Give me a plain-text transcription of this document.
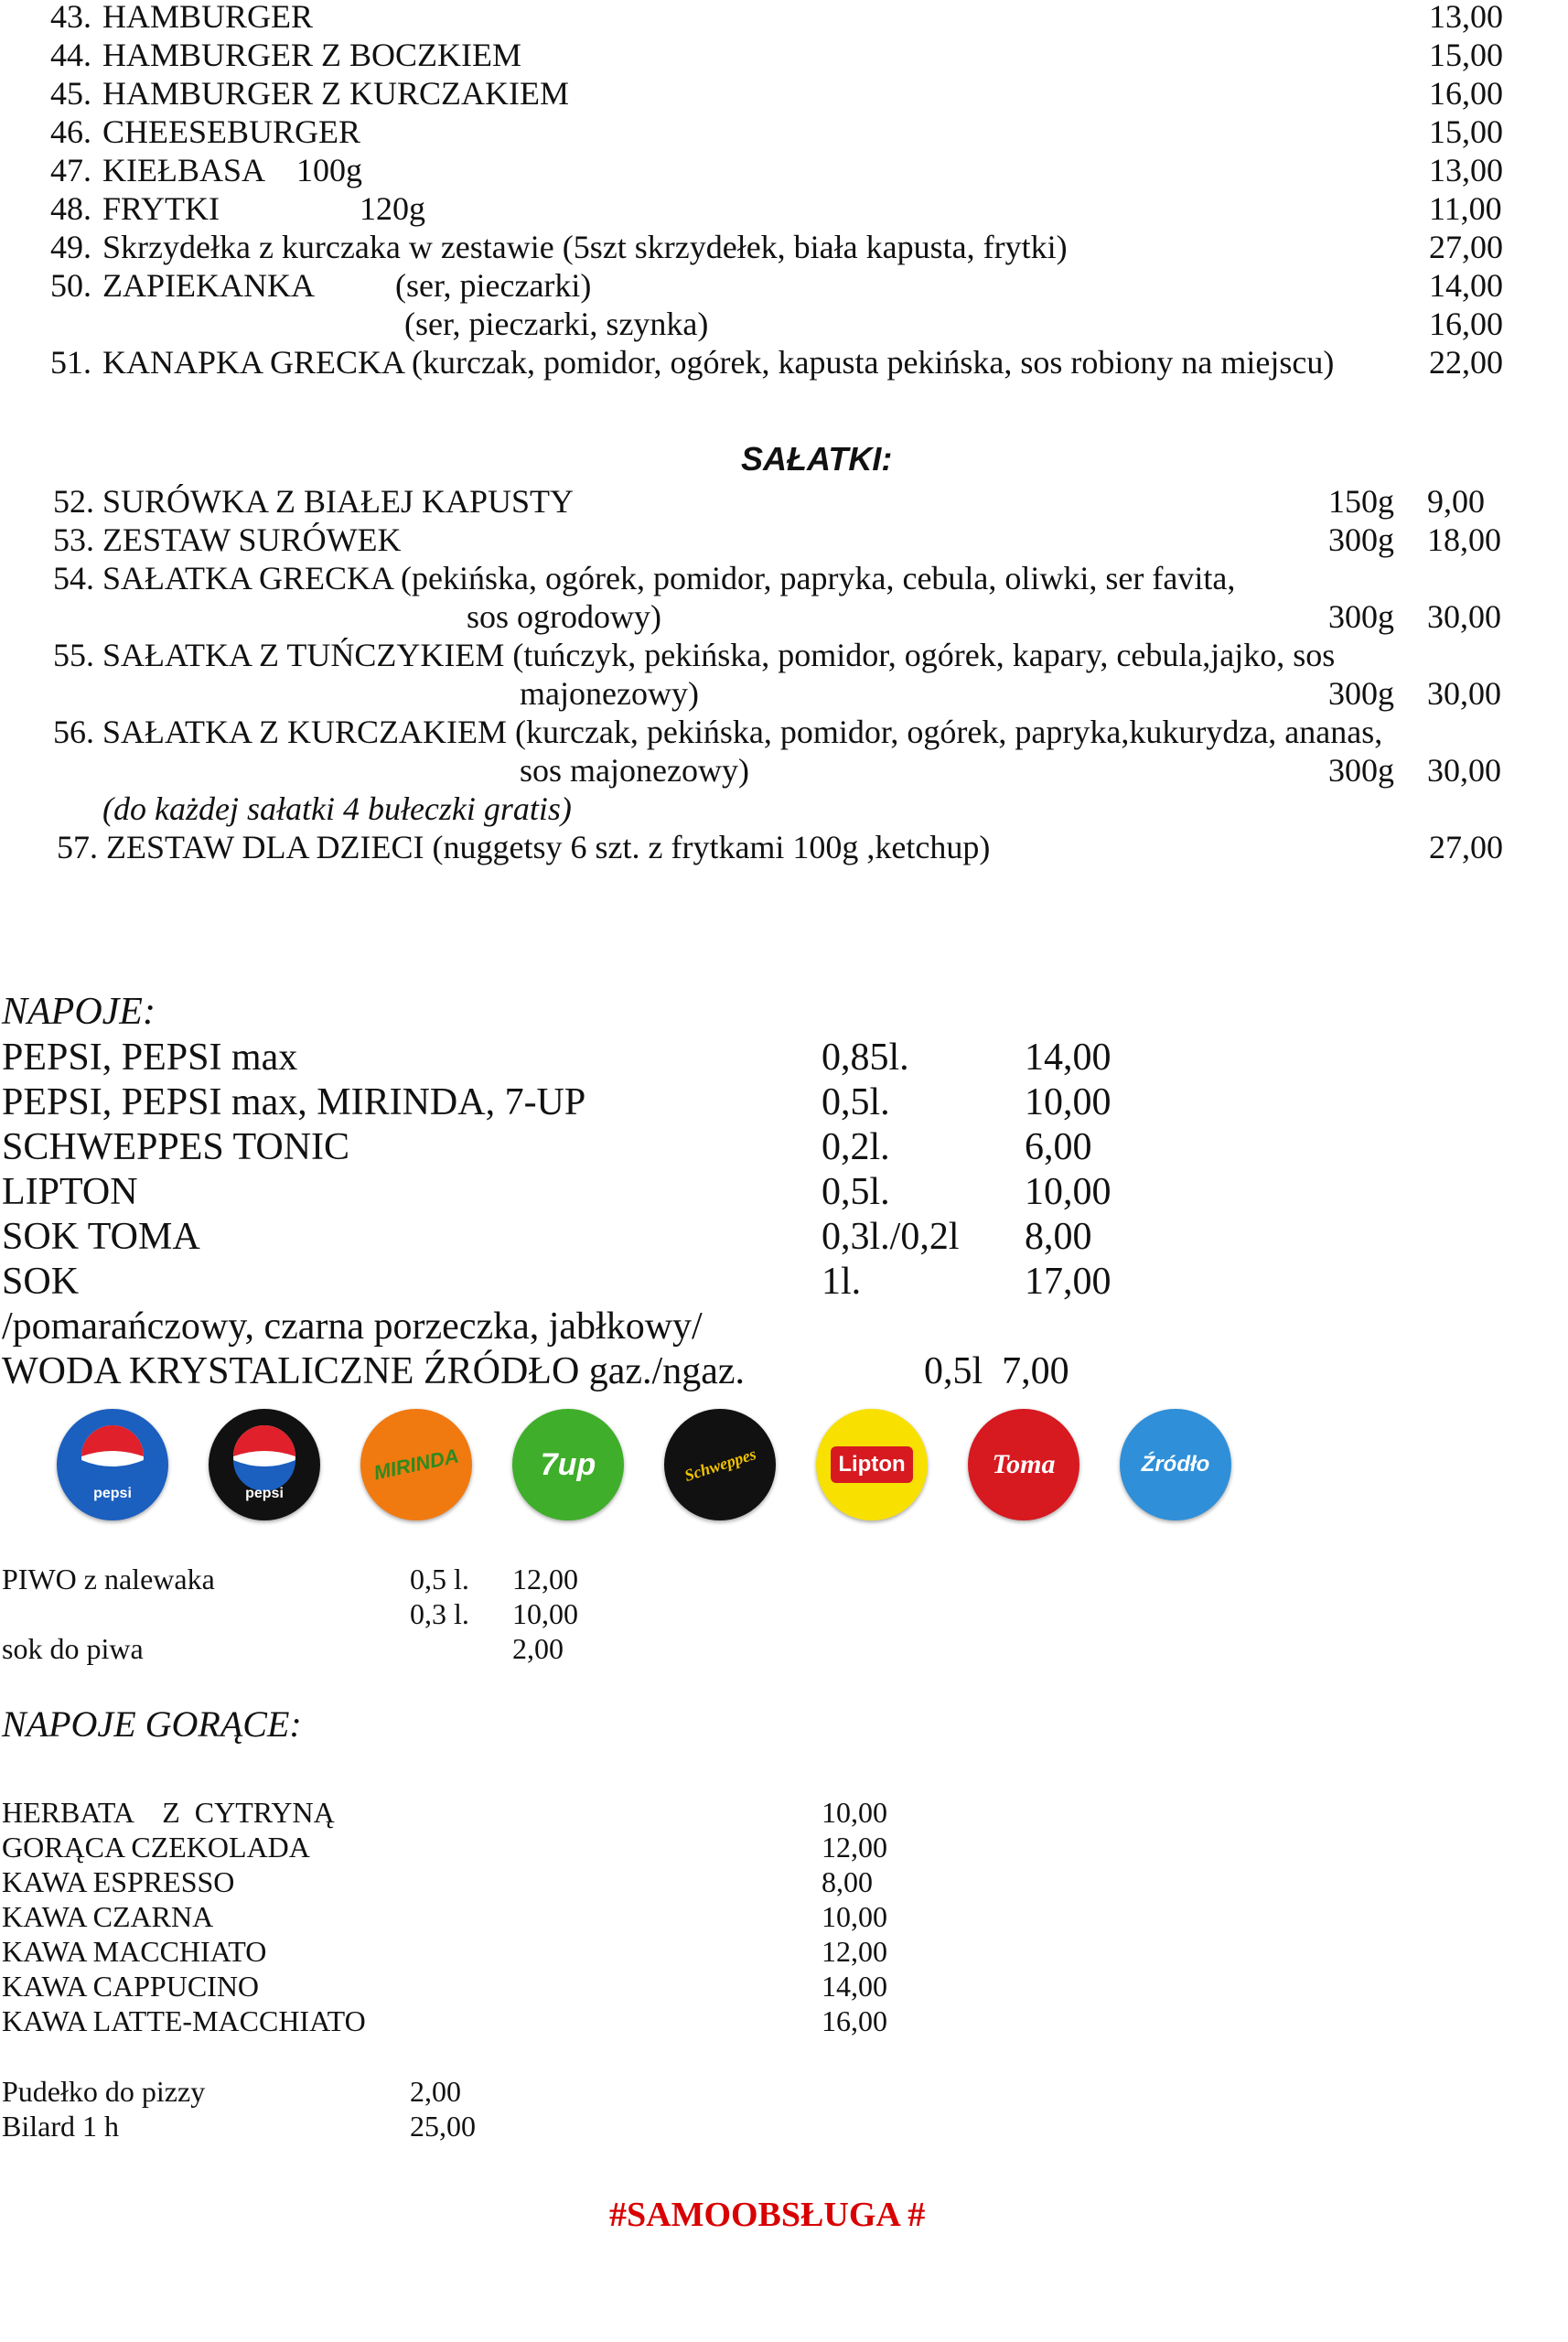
43. HAMBURGER	13,00
44. HAMBURGER Z BOCZKIEM	15,00
45. HAMBURGER Z KURCZAKIEM	16,00
46. CHEESEBURGER	15,00
47. KIEŁBASA    100g	13,00
48. FRYTKI                 120g	11,00
49. Skrzydełka z kurczaka w zestawie (5szt skrzydełek, biała kapusta, frytki)	27,00
50. ZAPIEKANKA          (ser, pieczarki)	14,00
(ser, pieczarki, szynka)	16,00
51. KANAPKA GRECKA (kurczak, pomidor, ogórek, kapusta pekińska, sos robiony na miejscu)	22,00
SAŁATKI:
52. SURÓWKA Z BIAŁEJ KAPUSTY	150g 9,00
53. ZESTAW SURÓWEK	300g 18,00
54. SAŁATKA GRECKA (pekińska, ogórek, pomidor, papryka, cebula, oliwki, ser favita,
sos ogrodowy)	300g 30,00
55. SAŁATKA Z TUŃCZYKIEM (tuńczyk, pekińska, pomidor, ogórek, kapary, cebula,jajko, sos
majonezowy)	300g 30,00
56. SAŁATKA Z KURCZAKIEM (kurczak, pekińska, pomidor, ogórek, papryka,kukurydza, ananas,
sos majonezowy)	300g 30,00
(do każdej sałatki 4 bułeczki gratis)
57. ZESTAW DLA DZIECI (nuggetsy 6 szt. z frytkami 100g ,ketchup)	27,00
NAPOJE:
PEPSI, PEPSI max	0,85l.	14,00
PEPSI, PEPSI max, MIRINDA, 7-UP	0,5l.	10,00
SCHWEPPES TONIC	0,2l.	6,00
LIPTON	0,5l.	10,00
SOK TOMA	0,3l./0,2l 8,00
SOK	1l.	17,00
/pomarańczowy, czarna porzeczka, jabłkowy/
WODA KRYSTALICZNE ŹRÓDŁO gaz./ngaz.	0,5l  7,00
pepsi	pepsi
MIRINDA	7up	Schweppes	Lipton	Toma	Źródło
PIWO z nalewaka	0,5 l. 12,00
0,3 l. 10,00
sok do piwa	2,00
NAPOJE GORĄCE:
HERBATA    Z  CYTRYNĄ	10,00
GORĄCA CZEKOLADA	12,00
KAWA ESPRESSO	8,00
KAWA CZARNA	10,00
KAWA MACCHIATO	12,00
KAWA CAPPUCINO	14,00
KAWA LATTE-MACCHIATO	16,00
Pudełko do pizzy	2,00
Bilard 1 h	25,00
#SAMOOBSŁUGA #
